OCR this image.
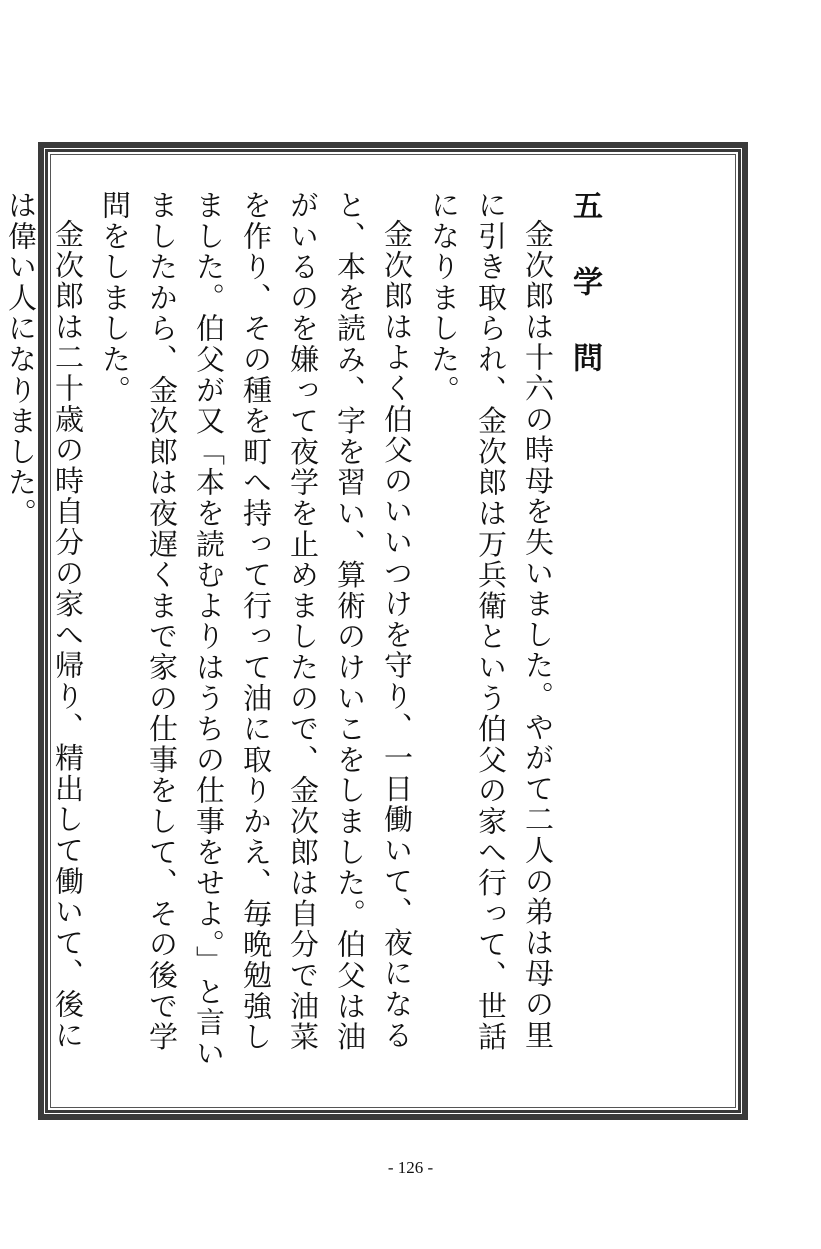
五　学　問

金次郎は十六の時母を失いました。やがて二人の弟は母の里に引き取られ、金次郎は万兵衛という伯父の家へ行って、世話になりました。

金次郎はよく伯父のいいつけを守り、一日働いて、夜になると、本を読み、字を習い、算術のけいこをしました。伯父は油がいるのを嫌って夜学を止めましたので、金次郎は自分で油菜を作り、その種を町へ持って行って油に取りかえ、毎晩勉強しました。伯父が又「本を読むよりはうちの仕事をせよ。」と言いましたから、金次郎は夜遅くまで家の仕事をして、その後で学問をしました。

金次郎は二十歳の時自分の家へ帰り、精出して働いて、後には偉い人になりました。

- 126 -
